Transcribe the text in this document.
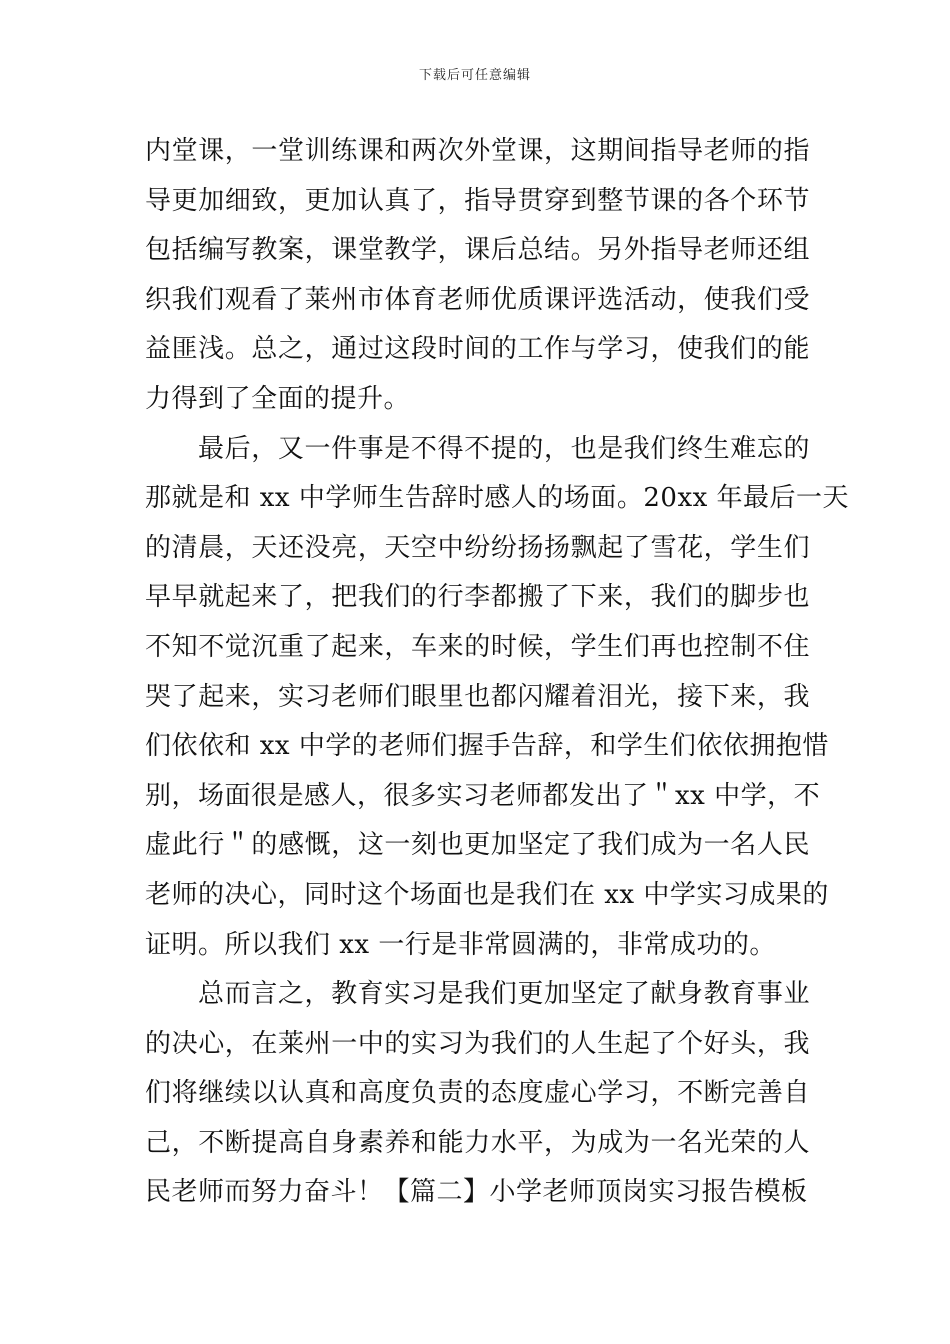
下载后可任意编辑
内堂课，一堂训练课和两次外堂课，这期间指导老师的指
导更加细致，更加认真了，指导贯穿到整节课的各个环节
包括编写教案，课堂教学，课后总结。另外指导老师还组
织我们观看了莱州市体育老师优质课评选活动，使我们受
益匪浅。总之，通过这段时间的工作与学习，使我们的能
力得到了全面的提升。
最后，又一件事是不得不提的，也是我们终生难忘的
那就是和 xx 中学师生告辞时感人的场面。20xx 年最后一天
的清晨，天还没亮，天空中纷纷扬扬飘起了雪花，学生们
早早就起来了，把我们的行李都搬了下来，我们的脚步也
不知不觉沉重了起来，车来的时候，学生们再也控制不住
哭了起来，实习老师们眼里也都闪耀着泪光，接下来，我
们依依和 xx 中学的老师们握手告辞，和学生们依依拥抱惜
别，场面很是感人，很多实习老师都发出了＂xx 中学，不
虚此行＂的感慨，这一刻也更加坚定了我们成为一名人民
老师的决心，同时这个场面也是我们在 xx 中学实习成果的
证明。所以我们 xx 一行是非常圆满的，非常成功的。
总而言之，教育实习是我们更加坚定了献身教育事业
的决心，在莱州一中的实习为我们的人生起了个好头，我
们将继续以认真和高度负责的态度虚心学习，不断完善自
己，不断提高自身素养和能力水平，为成为一名光荣的人
民老师而努力奋斗！【篇二】小学老师顶岗实习报告模板
